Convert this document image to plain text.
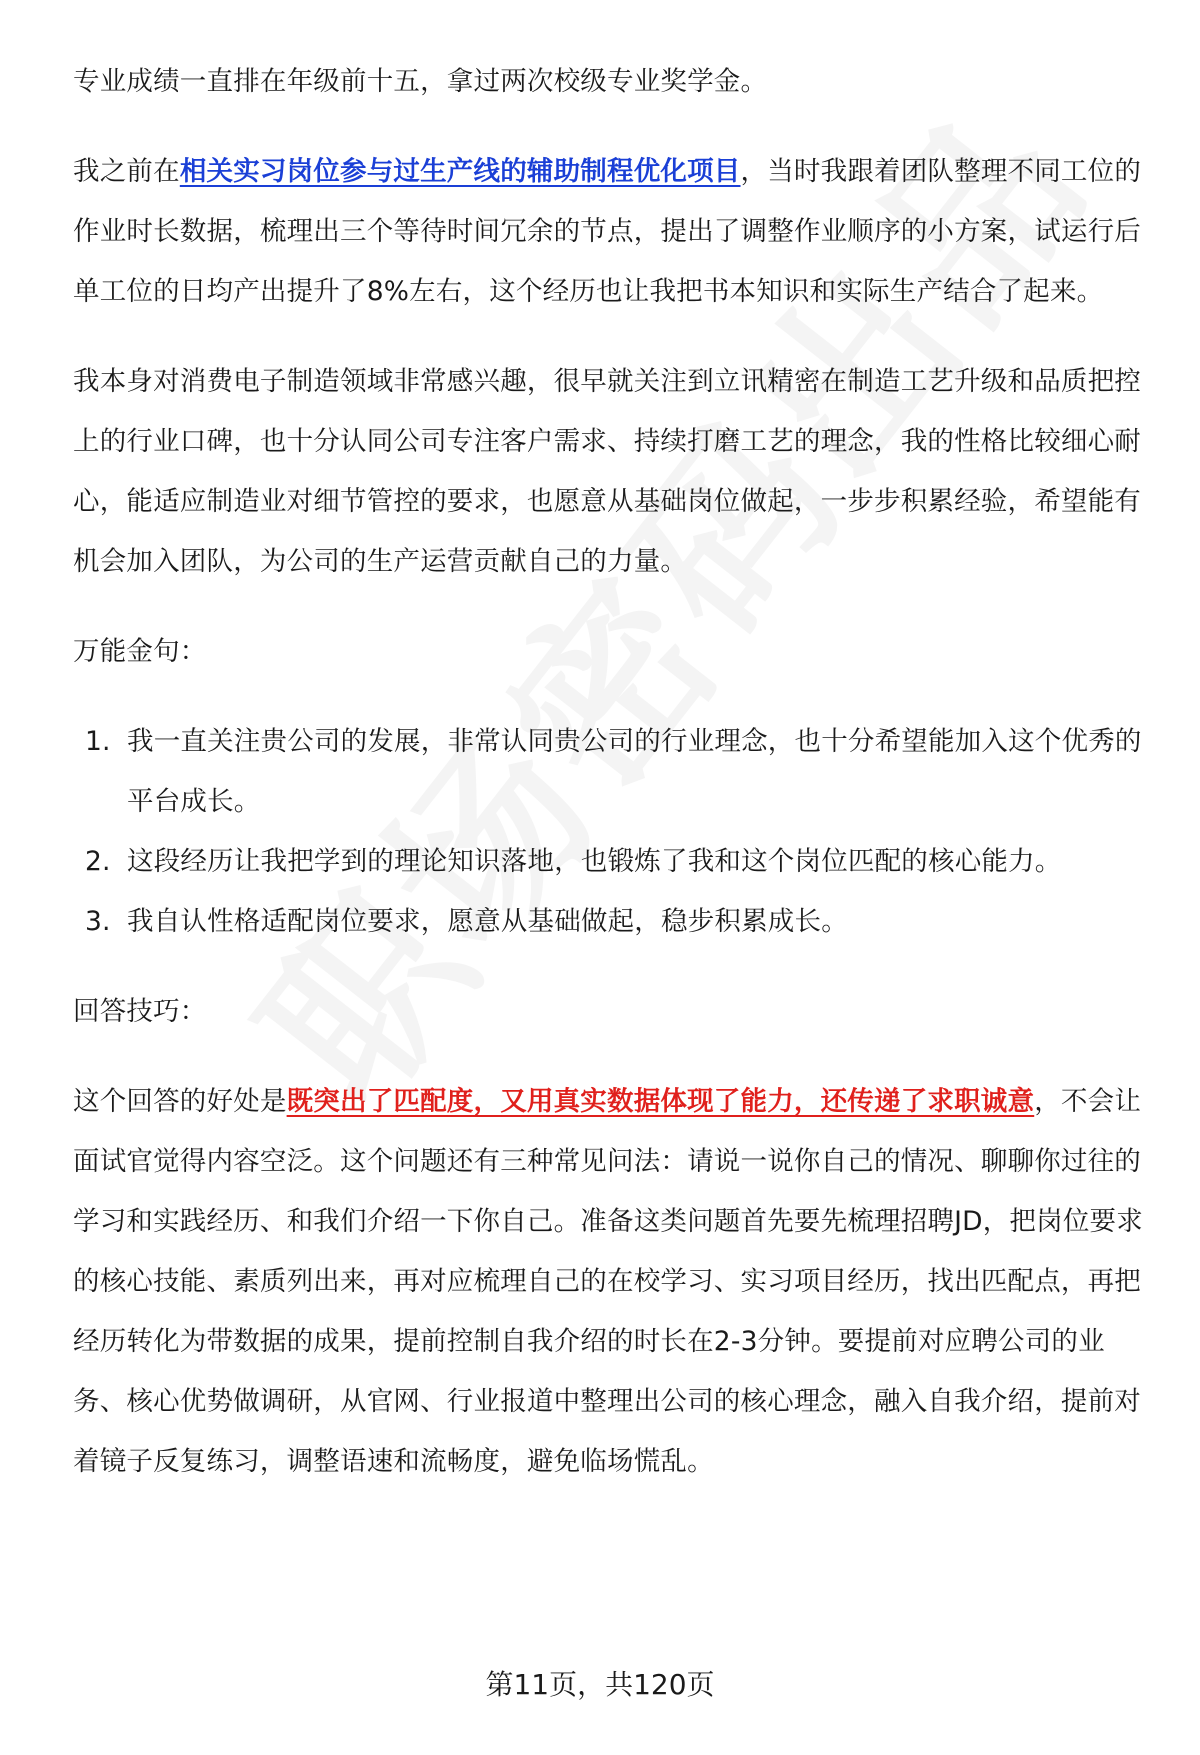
专业成绩一直排在年级前十五，拿过两次校级专业奖学金。

我之前在相关实习岗位参与过生产线的辅助制程优化项目，当时我跟着团队整理不同工位的作业时长数据，梳理出三个等待时间冗余的节点，提出了调整作业顺序的小方案，试运行后单工位的日均产出提升了8%左右，这个经历也让我把书本知识和实际生产结合了起来。

我本身对消费电子制造领域非常感兴趣，很早就关注到立讯精密在制造工艺升级和品质把控上的行业口碑，也十分认同公司专注客户需求、持续打磨工艺的理念，我的性格比较细心耐心，能适应制造业对细节管控的要求，也愿意从基础岗位做起，一步步积累经验，希望能有机会加入团队，为公司的生产运营贡献自己的力量。

万能金句：

1. 我一直关注贵公司的发展，非常认同贵公司的行业理念，也十分希望能加入这个优秀的平台成长。
2. 这段经历让我把学到的理论知识落地，也锻炼了我和这个岗位匹配的核心能力。
3. 我自认性格适配岗位要求，愿意从基础做起，稳步积累成长。

回答技巧：

这个回答的好处是既突出了匹配度，又用真实数据体现了能力，还传递了求职诚意，不会让面试官觉得内容空泛。这个问题还有三种常见问法：请说一说你自己的情况、聊聊你过往的学习和实践经历、和我们介绍一下你自己。准备这类问题首先要先梳理招聘JD，把岗位要求的核心技能、素质列出来，再对应梳理自己的在校学习、实习项目经历，找出匹配点，再把经历转化为带数据的成果，提前控制自我介绍的时长在2-3分钟。要提前对应聘公司的业务、核心优势做调研，从官网、行业报道中整理出公司的核心理念，融入自我介绍，提前对着镜子反复练习，调整语速和流畅度，避免临场慌乱。

第11页，共120页
